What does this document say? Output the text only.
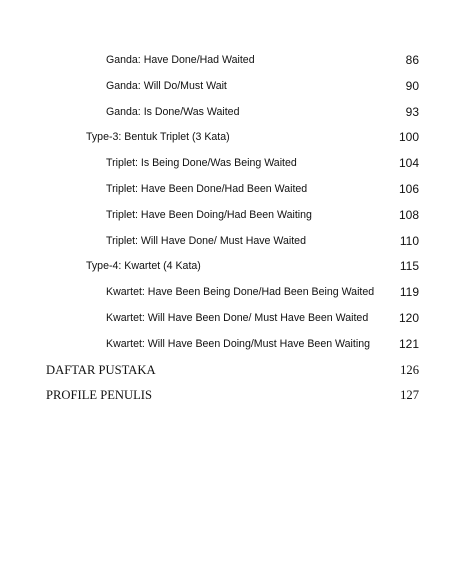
Ganda: Have Done/Had Waited	86
Ganda: Will Do/Must Wait	90
Ganda: Is Done/Was Waited	93
Type-3: Bentuk Triplet (3 Kata)	100
Triplet: Is Being Done/Was Being Waited	104
Triplet: Have Been Done/Had Been Waited	106
Triplet: Have Been Doing/Had Been Waiting	108
Triplet: Will Have Done/ Must Have Waited	110
Type-4: Kwartet (4 Kata)	115
Kwartet: Have Been Being Done/Had Been Being Waited 119
Kwartet: Will Have Been Done/ Must Have Been Waited	120
Kwartet: Will Have Been Doing/Must Have Been Waiting 121
DAFTAR PUSTAKA	126
PROFILE PENULIS	127
